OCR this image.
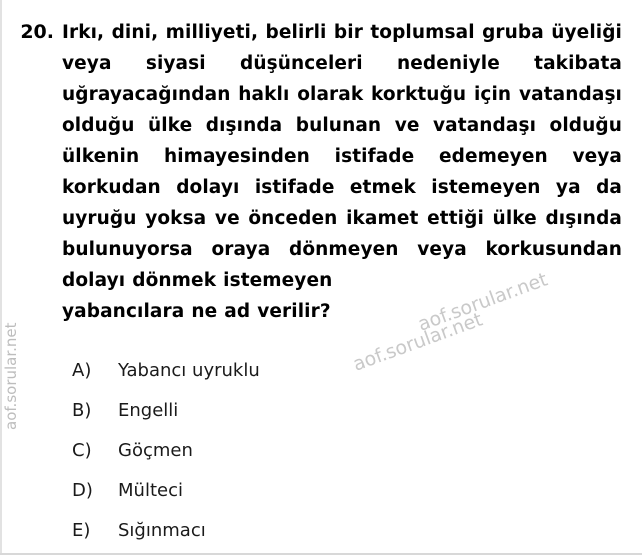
20. Irkı, dini, milliyeti, belirli bir toplumsal gruba üyeliği veya siyasi düşünceleri nedeniyle takibata uğrayacağından haklı olarak korktuğu için vatandaşı olduğu ülke dışında bulunan ve vatandaşı olduğu ülkenin himayesinden istifade edemeyen veya korkudan dolayı istifade etmek istemeyen ya da uyruğu yoksa ve önceden ikamet ettiği ülke dışında bulunuyorsa oraya dönmeyen veya korkusundan dolayı dönmek istemeyen
yabancılara ne ad verilir?
A)	Yabancı uyruklu
B)	Engelli
C)	Göçmen
D)	Mülteci
E)	Sığınmacı
aof.sorular.net
aof.sorular.net
aof.sorular.net
